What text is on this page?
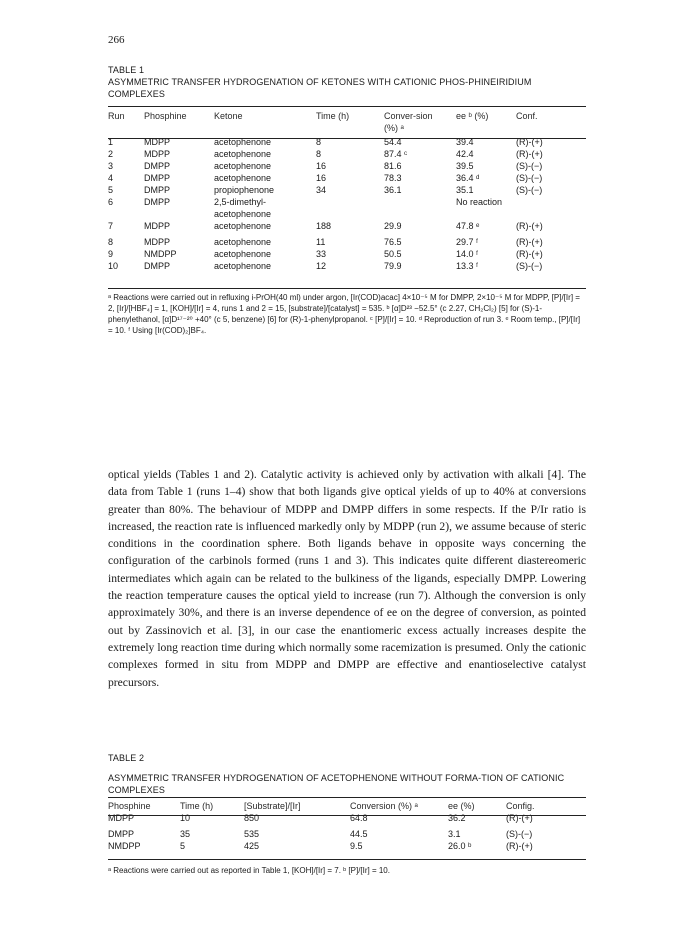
266
TABLE 1
ASYMMETRIC TRANSFER HYDROGENATION OF KETONES WITH CATIONIC PHOS-PHINEIRIDIUM COMPLEXES
Run	Phosphine	Ketone	Time (h)	Conver-sion (%) ᵃ	ee ᵇ (%)	Conf.
1	MDPP	acetophenone	8	54.4	39.4	(R)-(+)
2	MDPP	acetophenone	8	87.4 ᶜ	42.4	(R)-(+)
3	DMPP	acetophenone	16	81.6	39.5	(S)-(−)
4	DMPP	acetophenone	16	78.3	36.4 ᵈ	(S)-(−)
5	DMPP	propiophenone	34	36.1	35.1	(S)-(−)
6	DMPP	2,5-dimethyl-			No reaction	
		acetophenone				
7	MDPP	acetophenone	188	29.9	47.8 ᵉ	(R)-(+)
8	MDPP	acetophenone	11	76.5	29.7 ᶠ	(R)-(+)
9	NMDPP	acetophenone	33	50.5	14.0 ᶠ	(R)-(+)
10	DMPP	acetophenone	12	79.9	13.3 ᶠ	(S)-(−)
ᵃ Reactions were carried out in refluxing i-PrOH(40 ml) under argon, [Ir(COD)acac] 4×10⁻⁵ M for DMPP, 2×10⁻⁵ M for MDPP, [P]/[Ir] = 2, [Ir]/[HBF₄] = 1, [KOH]/[Ir] = 4, runs 1 and 2 = 15, [substrate]/[catalyst] = 535. ᵇ [α]D²³ −52.5° (c 2.27, CH₂Cl₂) [5] for (S)-1-phenylethanol, [α]D¹⁷⁻²⁰ +40° (c 5, benzene) [6] for (R)-1-phenylpropanol. ᶜ [P]/[Ir] = 10. ᵈ Reproduction of run 3. ᵉ Room temp., [P]/[Ir] = 10. ᶠ Using [Ir(COD)₂]BF₄.
optical yields (Tables 1 and 2). Catalytic activity is achieved only by activation with alkali [4]. The data from Table 1 (runs 1–4) show that both ligands give optical yields of up to 40% at conversions greater than 80%. The behaviour of MDPP and DMPP differs in some respects. If the P/Ir ratio is increased, the reaction rate is influenced markedly only by MDPP (run 2), we assume because of steric conditions in the coordination sphere. Both ligands behave in opposite ways concerning the configuration of the carbinols formed (runs 1 and 3). This indicates quite different diastereomeric intermediates which again can be related to the bulkiness of the ligands, especially DMPP. Lowering the reaction temperature causes the optical yield to increase (run 7). Although the conversion is only approximately 30%, and there is an inverse dependence of ee on the degree of conversion, as pointed out by Zassinovich et al. [3], in our case the enantiomeric excess actually increases despite the extremely long reaction time during which normally some racemization is presumed. Only the cationic complexes formed in situ from MDPP and DMPP are effective and enantioselective catalyst precursors.
TABLE 2
ASYMMETRIC TRANSFER HYDROGENATION OF ACETOPHENONE WITHOUT FORMA-TION OF CATIONIC COMPLEXES
Phosphine	Time (h)	[Substrate]/[Ir]	Conversion (%) ᵃ	ee (%)	Config.
MDPP	10	850	64.8	36.2	(R)-(+)
DMPP	35	535	44.5	3.1	(S)-(−)
NMDPP	5	425	9.5	26.0 ᵇ	(R)-(+)
ᵃ Reactions were carried out as reported in Table 1, [KOH]/[Ir] = 7. ᵇ [P]/[Ir] = 10.
